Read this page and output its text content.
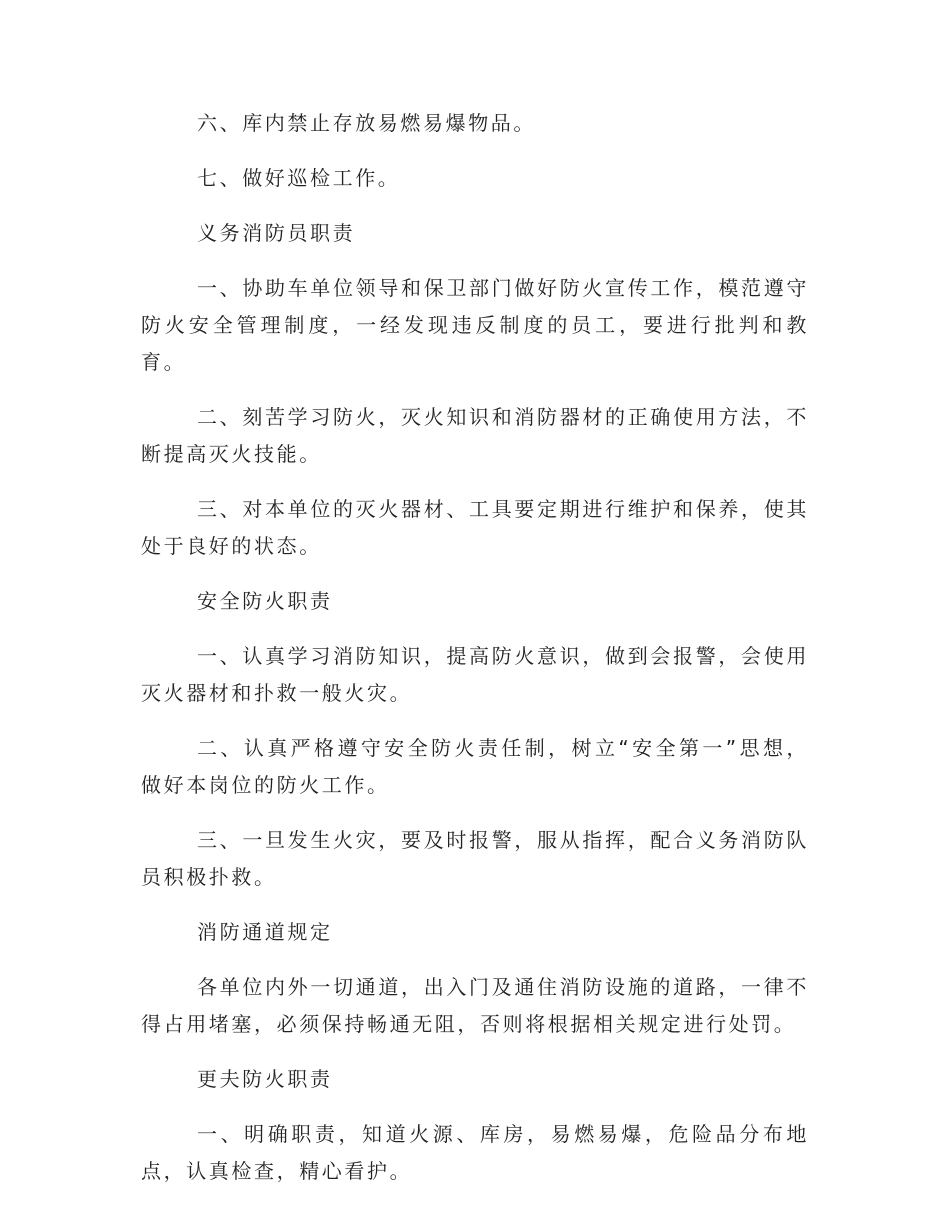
六、库内禁止存放易燃易爆物品。

七、做好巡检工作。

义务消防员职责

一、协助车单位领导和保卫部门做好防火宣传工作，模范遵守防火安全管理制度，一经发现违反制度的员工，要进行批判和教育。

二、刻苦学习防火，灭火知识和消防器材的正确使用方法，不断提高灭火技能。

三、对本单位的灭火器材、工具要定期进行维护和保养，使其处于良好的状态。

安全防火职责

一、认真学习消防知识，提高防火意识，做到会报警，会使用灭火器材和扑救一般火灾。

二、认真严格遵守安全防火责任制，树立“安全第一”思想，做好本岗位的防火工作。

三、一旦发生火灾，要及时报警，服从指挥，配合义务消防队员积极扑救。

消防通道规定

各单位内外一切通道，出入门及通住消防设施的道路，一律不得占用堵塞，必须保持畅通无阻，否则将根据相关规定进行处罚。

更夫防火职责

一、明确职责，知道火源、库房，易燃易爆，危险品分布地点，认真检查，精心看护。
